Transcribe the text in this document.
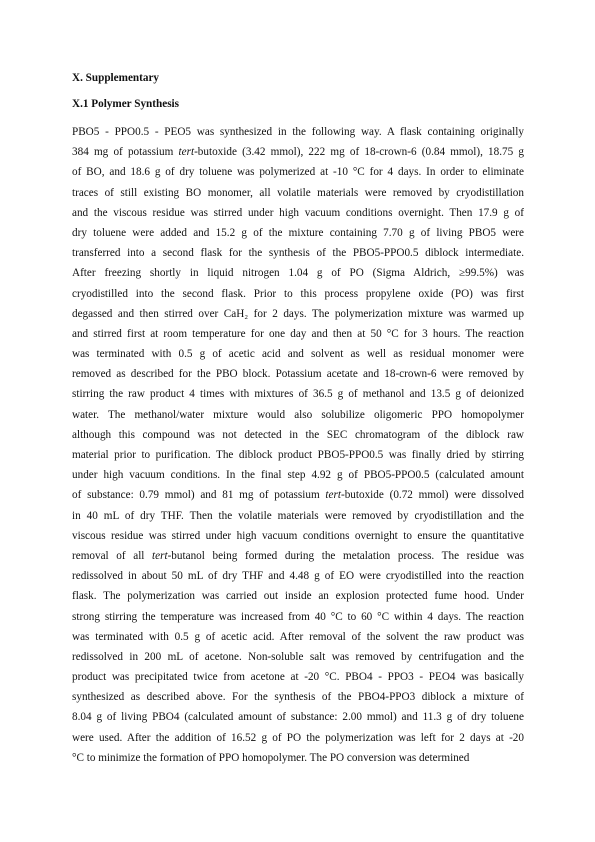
X. Supplementary
X.1 Polymer Synthesis
PBO5 - PPO0.5 - PEO5 was synthesized in the following way. A flask containing originally
384 mg of potassium tert-butoxide (3.42 mmol), 222 mg of 18-crown-6 (0.84 mmol), 18.75 g
of BO, and 18.6 g of dry toluene was polymerized at -10 °C for 4 days. In order to eliminate
traces of still existing BO monomer, all volatile materials were removed by cryodistillation
and the viscous residue was stirred under high vacuum conditions overnight. Then 17.9 g of
dry toluene were added and 15.2 g of the mixture containing 7.70 g of living PBO5 were
transferred into a second flask for the synthesis of the PBO5-PPO0.5 diblock intermediate.
After freezing shortly in liquid nitrogen 1.04 g of PO (Sigma Aldrich, ≥99.5%) was
cryodistilled into the second flask. Prior to this process propylene oxide (PO) was first
degassed and then stirred over CaH₂ for 2 days. The polymerization mixture was warmed up
and stirred first at room temperature for one day and then at 50 °C for 3 hours. The reaction
was terminated with 0.5 g of acetic acid and solvent as well as residual monomer were
removed as described for the PBO block. Potassium acetate and 18-crown-6 were removed by
stirring the raw product 4 times with mixtures of 36.5 g of methanol and 13.5 g of deionized
water. The methanol/water mixture would also solubilize oligomeric PPO homopolymer
although this compound was not detected in the SEC chromatogram of the diblock raw
material prior to purification. The diblock product PBO5-PPO0.5 was finally dried by stirring
under high vacuum conditions. In the final step 4.92 g of PBO5-PPO0.5 (calculated amount
of substance: 0.79 mmol) and 81 mg of potassium tert-butoxide (0.72 mmol) were dissolved
in 40 mL of dry THF. Then the volatile materials were removed by cryodistillation and the
viscous residue was stirred under high vacuum conditions overnight to ensure the quantitative
removal of all tert-butanol being formed during the metalation process. The residue was
redissolved in about 50 mL of dry THF and 4.48 g of EO were cryodistilled into the reaction
flask. The polymerization was carried out inside an explosion protected fume hood. Under
strong stirring the temperature was increased from 40 °C to 60 °C within 4 days. The reaction
was terminated with 0.5 g of acetic acid. After removal of the solvent the raw product was
redissolved in 200 mL of acetone. Non-soluble salt was removed by centrifugation and the
product was precipitated twice from acetone at -20 °C. PBO4 - PPO3 - PEO4 was basically
synthesized as described above. For the synthesis of the PBO4-PPO3 diblock a mixture of
8.04 g of living PBO4 (calculated amount of substance: 2.00 mmol) and 11.3 g of dry toluene
were used. After the addition of 16.52 g of PO the polymerization was left for 2 days at -20
°C to minimize the formation of PPO homopolymer. The PO conversion was determined
